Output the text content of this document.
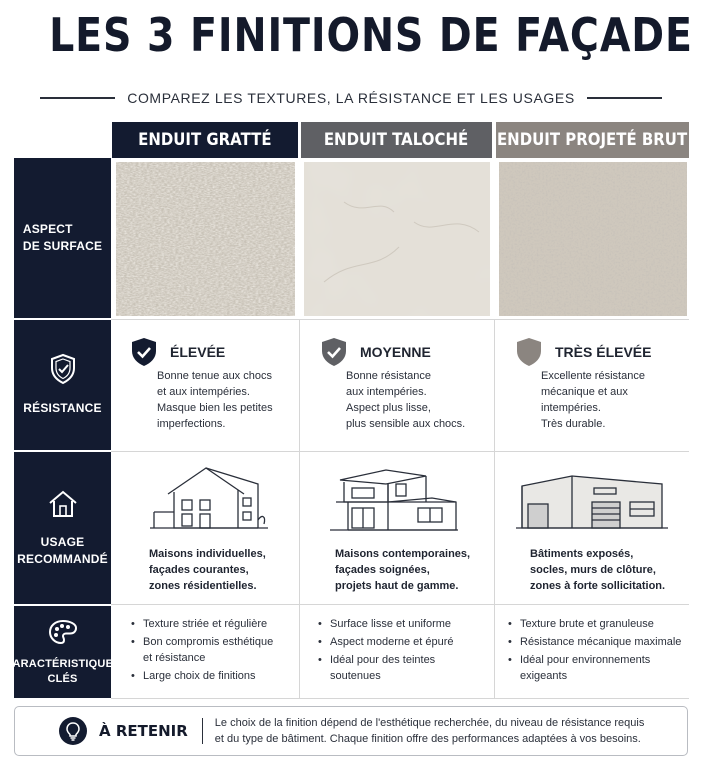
LES 3 FINITIONS DE FAÇADE
COMPAREZ LES TEXTURES, LA RÉSISTANCE ET LES USAGES
ENDUIT GRATTÉ	ENDUIT TALOCHÉ ENDUIT PROJETÉ BRUT
ASPECT
DE SURFACE
RÉSISTANCE
USAGE
RECOMMANDÉ
CARACTÉRISTIQUES
CLÉS
ÉLEVÉE
Bonne tenue aux chocs
et aux intempéries.
Masque bien les petites
imperfections.
MOYENNE
Bonne résistance
aux intempéries.
Aspect plus lisse,
plus sensible aux chocs.
TRÈS ÉLEVÉE
Excellente résistance
mécanique et aux
intempéries.
Très durable.
Maisons individuelles,
façades courantes,
zones résidentielles.
Maisons contemporaines,
façades soignées,
projets haut de gamme.
Bâtiments exposés,
socles, murs de clôture,
zones à forte sollicitation.
• Texture striée et régulière
• Bon compromis esthétique
et résistance
• Large choix de finitions
• Surface lisse et uniforme
• Aspect moderne et épuré
• Idéal pour des teintes
soutenues
• Texture brute et granuleuse
• Résistance mécanique maximale
• Idéal pour environnements
exigeants
À RETENIR Le choix de la finition dépend de l'esthétique recherchée, du niveau de résistance requis
et du type de bâtiment. Chaque finition offre des performances adaptées à vos besoins.
